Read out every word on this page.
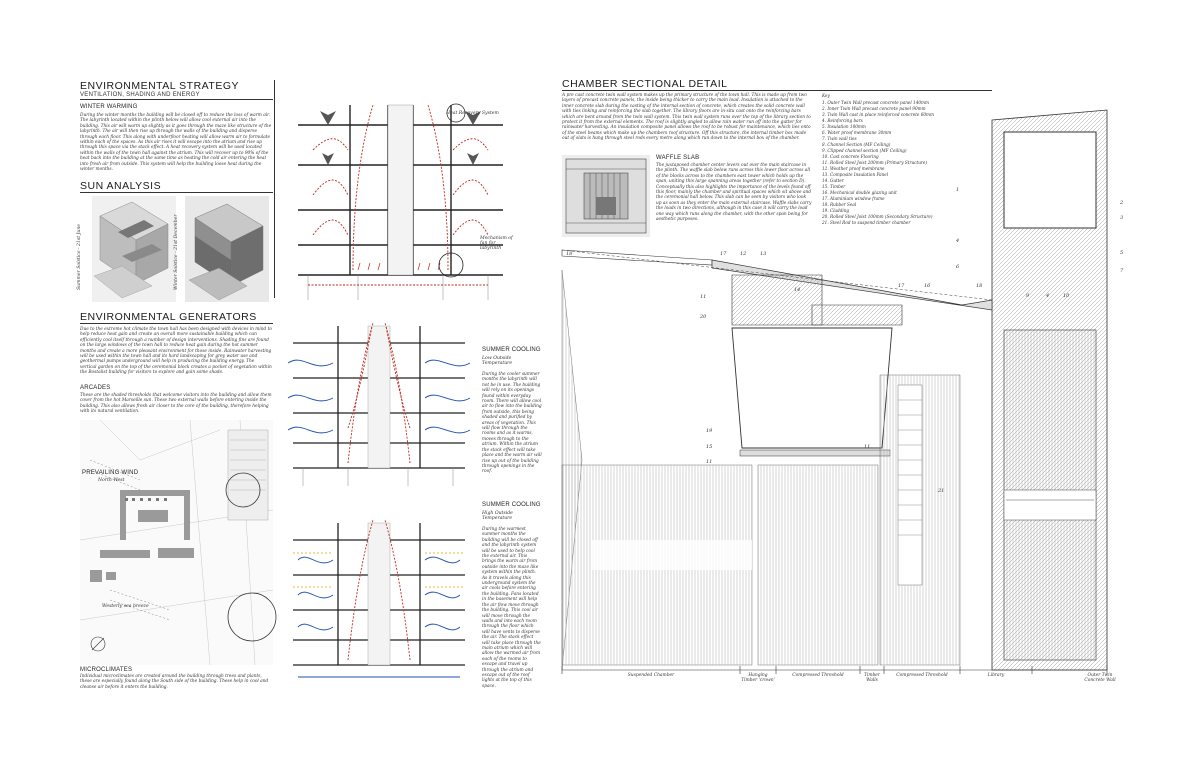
ENVIRONMENTAL STRATEGY
VENTILATION, SHADING AND ENERGY
WINTER WARMING
During the winter months the building will be closed off to reduce the loss of warm air. The labyrinth located within the plinth below will allow cool external air into the building. This air will warm up slightly as it goes through the maze like structure of the labyrinth. The air will then rise up through the walls of the building and disperse through each floor. This along with underfloor heating will allow warm air to formulate within each of the spaces. As this air rises it will escape into the atrium and rise up through this space via the stack effect. A heat recovery system will be used located within the walls of the town hall against the atrium. This will recover up to 90% of the heat back into the building at the same time as heating the cold air entering the heat into fresh air from outside. This system will help the building loose heat during the winter months.
SUN ANALYSIS
Summer Solstice - 21st June	Winter Solstice - 21st December
ENVIRONMENTAL GENERATORS
Due to the extreme hot climate the town hall has been designed with devices in mind to help reduce heat gain and create an overall more sustainable building which can efficiently cool itself through a number of design interventions. Shading fins are found on the large windows of the town hall to reduce heat gain during the hot summer months and create a more pleasant environment for those inside. Rainwater harvesting will be used within the town hall and its hard landscaping for grey water use and geothermal pumps underground will help in producing the building energy. The vertical garden on the top of the ceremonial block creates a pocket of vegetation within the Bostalist building for visitors to explore and gain some shade.
ARCADES
These are the shaded thresholds that welcome visitors into the building and allow them cover from the hot Marseille sun. These two external walls before entering inside the building. This also allows fresh air closer to the core of the building, therefore helping with its natural ventilation.
PREVAILING WIND
North West
Westerly sea breeze
MICROCLIMATES
Individual microclimates are created around the building through trees and plants, these are especially found along the South side of the building. These help in cool and cleanse air before it enters the building.
Heat Recovery System
Mechanism of fan for labyrinth
SUMMER COOLING
Low Outside Temperature
During the cooler summer months the labyrinth will not be in use. The building will rely on its openings found within everyday room. There will allow cool air to flow into the building from outside, this being shaded and purified by areas of vegetation. This will flow through the rooms and as it warms, moves through to the atrium. Within the atrium the stack effect will take place and the warm air will rise up out of the building through openings in the roof.
SUMMER COOLING
High Outside Temperature
During the warmest summer months the building will be closed off and the labyrinth system will be used to help cool the external air. This brings the warm air from outside into the maze like system within the plinth. As it travels along this underground system the air cools before entering the building. Fans located in the basement will help the air flow move through the building. This cool air will move through the walls and into each room through the floor which will have vents to disperse the air. The stack effect will take place through the main atrium which will allow the warmed air from each of the rooms to escape and travel up through the atrium and escape out of the roof lights at the top of this space.
CHAMBER SECTIONAL DETAIL
A pre cast concrete twin wall system makes up the primary structure of the town hall. This is made up from two layers of precast concrete panels, the inside being thicker to carry the main load. Insulation is attached to the inner concrete slab during the casting of the internal section of concrete, which creates the solid concrete wall with ties linking and reinforcing the slab together. The library floors are in-situ cast onto the reinforcing bars which are bent around from the twin wall system. This twin wall system runs over the top of the library section to protect it from the external elements. The roof is slightly angled to allow rain water run off into the gutter for rainwater harvesting. An insulation composite panel allows the roof to be robust for maintenance, which lies onto of the steel beams which make up the chambers roof structure. Off this structure, the internal timber box made out of slats is hung through steel rods every metre along which run down to the internal box of the chamber.
WAFFLE SLAB
The juxtaposed chamber center levers out over the main staircase in the plinth. The waffle slab below runs across this lower floor across all of the blocks across to the chambers east tower which holds up the span, uniting this large spanning areas together (refer to section D). Conceptually this also highlights the importance of the levels found off this floor, mainly the chamber and spiritual spaces which sit above and the ceremonial hall below. This slab can be seen by visitors who look up as soon as they enter the main external staircase. Waffle slabs carry the loads in two directions, although in this case it will carry the load one way which runs along the chamber, with the other span being for aesthetic purposes.
Key
1. Outer Twin Wall precast concrete panel 140mm
2. Inner Twin Wall precast concrete panel 90mm
3. Twin Wall cast in place reinforced concrete 60mm
4. Reinforcing bars
5. Insulation 100mm
6. Water proof membrane 30mm
7. Twin wall ties
8. Channel Section (MF Ceiling)
9. Clipped channel section (MF Ceiling)
10. Cast concrete Flooring
11. Rolled Steel Joist 200mm (Primary Structure)
12. Weather proof membrane
13. Composite Insulation Panel
14. Gutter
15. Timber
16. Mechanical double glazing unit
17. Aluminium window frame
18. Rubber Seal
19. Cladding
20. Rolled Steel Joist 100mm (Secondary Structure)
21. Steel Rod to suspend timber chamber
18	17	12	13
11
14
20
17	16	18
19
15
11
11
21
9	4	10
1
2
3
4
5
6
7
Suspended Chamber	Hanging Timber 'crown'
Compressed Threshold	Timber Walls
Compressed Threshold	Library	Outer Twin Concrete Wall
